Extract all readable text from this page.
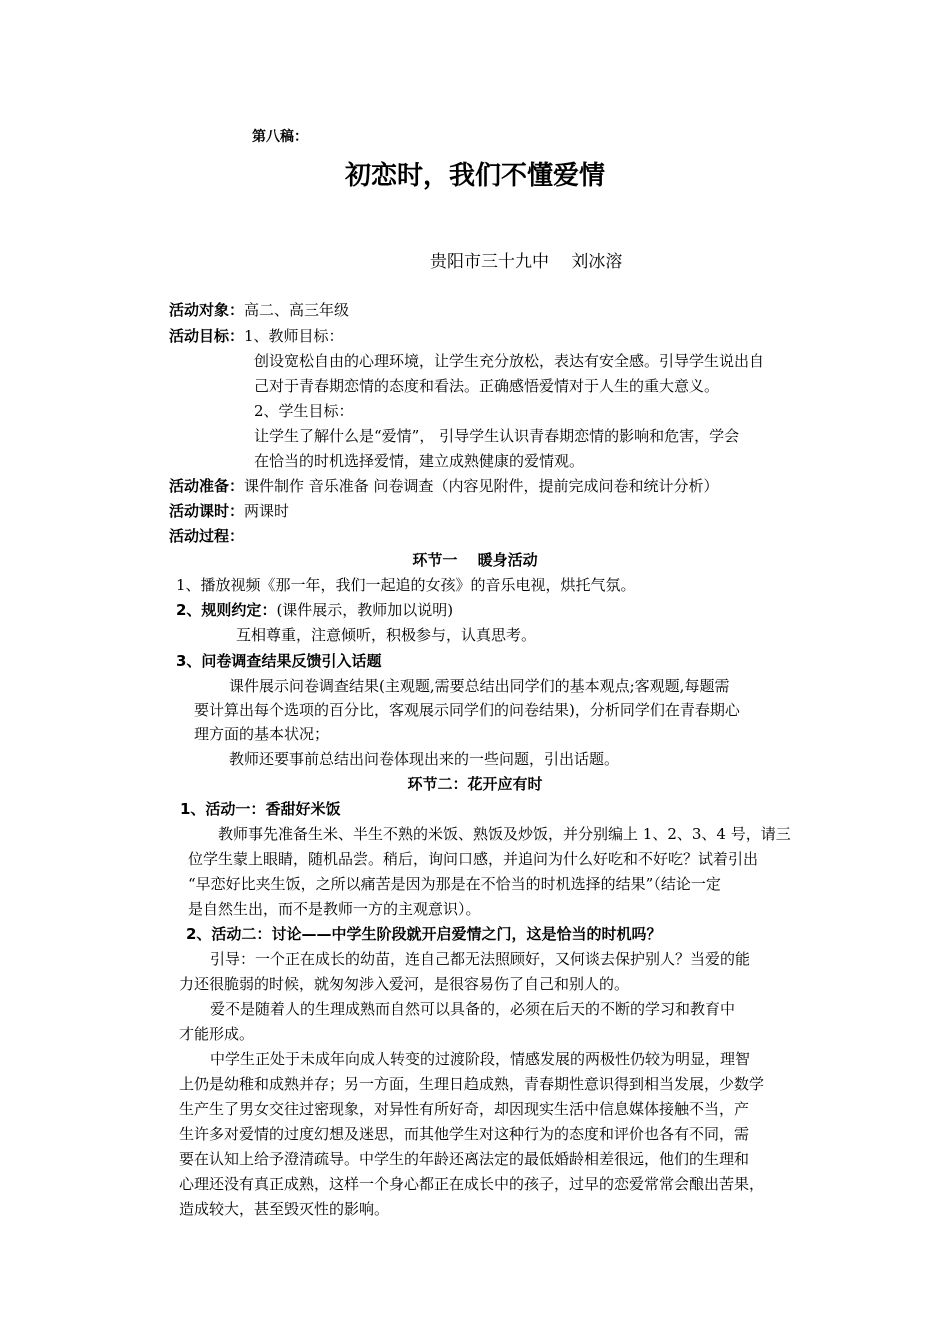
第八稿：
初恋时，我们不懂爱情
贵阳市三十九中　 刘冰溶
活动对象：高二、高三年级
活动目标：1、教师目标：
创设宽松自由的心理环境，让学生充分放松，表达有安全感。引导学生说出自
己对于青春期恋情的态度和看法。正确感悟爱情对于人生的重大意义。
2、学生目标：
让学生了解什么是“爱情”， 引导学生认识青春期恋情的影响和危害，学会
在恰当的时机选择爱情，建立成熟健康的爱情观。
活动准备：课件制作 音乐准备 问卷调查（内容见附件，提前完成问卷和统计分析）
活动课时：两课时
活动过程：
环节一　 暖身活动
1、播放视频《那一年，我们一起追的女孩》的音乐电视，烘托气氛。
2、规则约定：(课件展示，教师加以说明)
互相尊重，注意倾听，积极参与，认真思考。
3、问卷调查结果反馈引入话题
课件展示问卷调查结果(主观题,需要总结出同学们的基本观点;客观题,每题需
要计算出每个选项的百分比，客观展示同学们的问卷结果)，分析同学们在青春期心
理方面的基本状况；
教师还要事前总结出问卷体现出来的一些问题，引出话题。
环节二：花开应有时
1、活动一：香甜好米饭
教师事先准备生米、半生不熟的米饭、熟饭及炒饭，并分别编上 1、2、3、4 号，请三
位学生蒙上眼睛，随机品尝。稍后，询问口感，并追问为什么好吃和不好吃？试着引出
“早恋好比夹生饭，之所以痛苦是因为那是在不恰当的时机选择的结果”（结论一定
是自然生出，而不是教师一方的主观意识）。
2、活动二：讨论——中学生阶段就开启爱情之门，这是恰当的时机吗？
引导：一个正在成长的幼苗，连自己都无法照顾好，又何谈去保护别人？当爱的能
力还很脆弱的时候，就匆匆涉入爱河，是很容易伤了自己和别人的。
爱不是随着人的生理成熟而自然可以具备的，必须在后天的不断的学习和教育中
才能形成。
中学生正处于未成年向成人转变的过渡阶段，情感发展的两极性仍较为明显，理智
上仍是幼稚和成熟并存；另一方面，生理日趋成熟，青春期性意识得到相当发展，少数学
生产生了男女交往过密现象，对异性有所好奇，却因现实生活中信息媒体接触不当，产
生许多对爱情的过度幻想及迷思，而其他学生对这种行为的态度和评价也各有不同，需
要在认知上给予澄清疏导。中学生的年龄还离法定的最低婚龄相差很远，他们的生理和
心理还没有真正成熟，这样一个身心都正在成长中的孩子，过早的恋爱常常会酿出苦果，
造成较大，甚至毁灭性的影响。
